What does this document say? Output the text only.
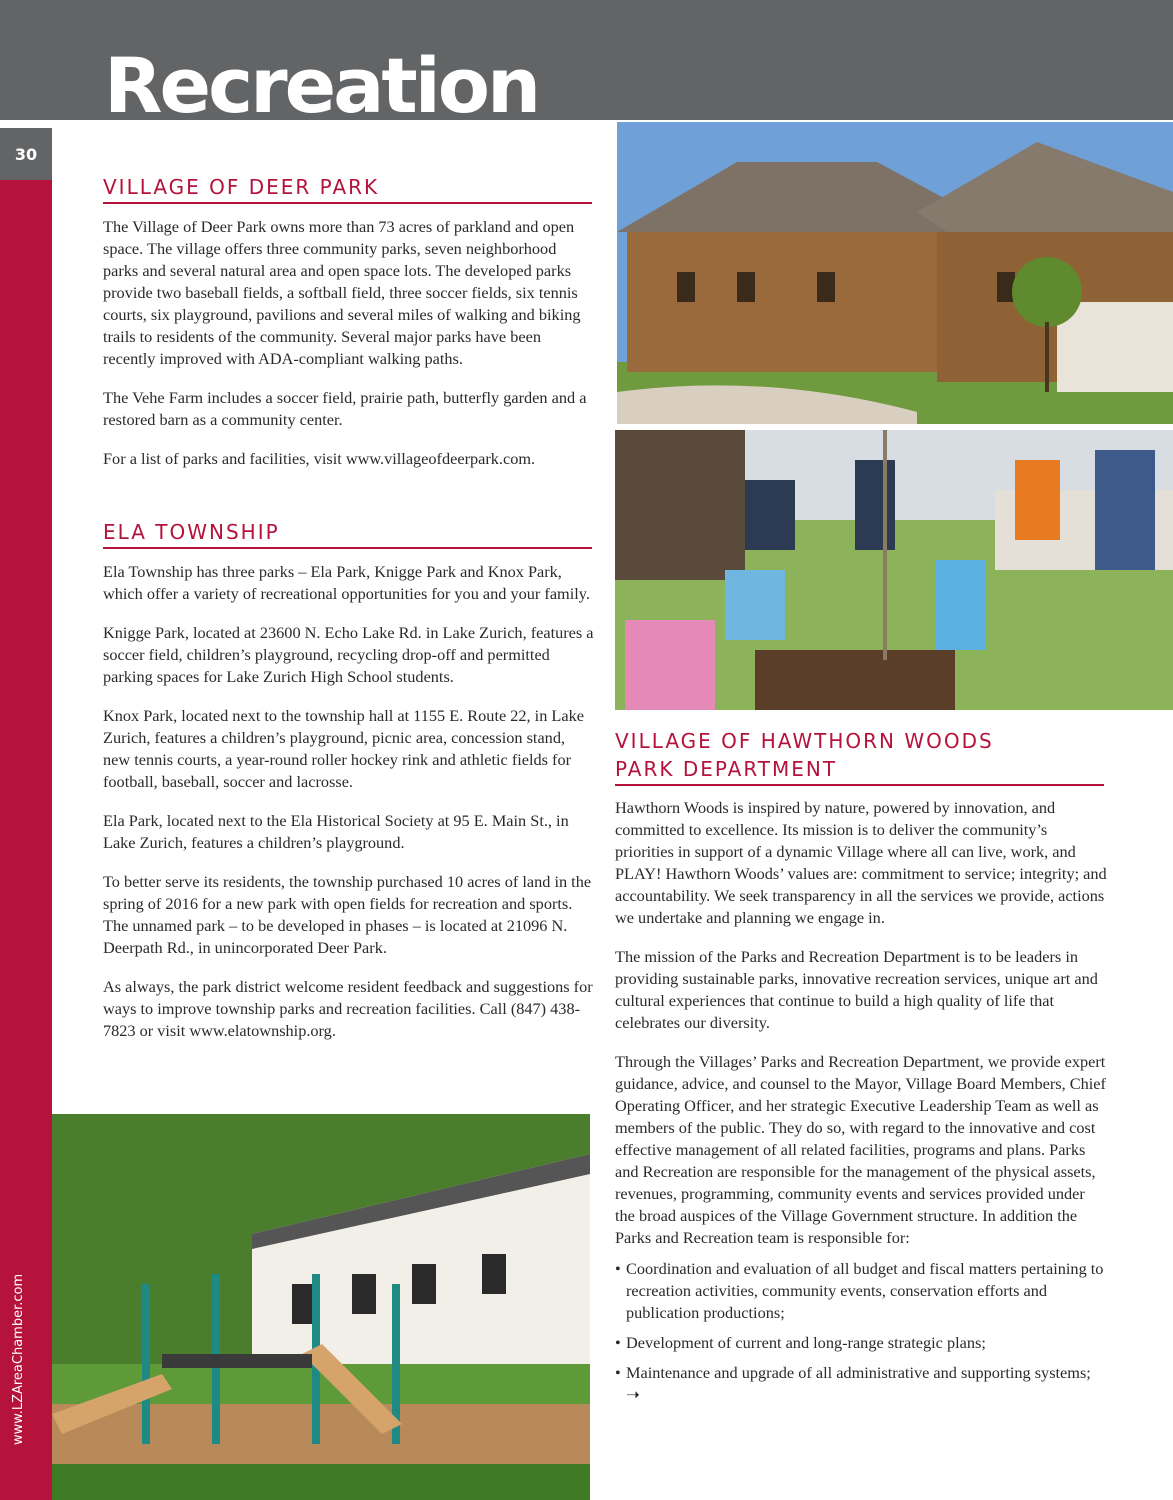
Recreation
30
www.LZAreaChamber.com
VILLAGE OF DEER PARK

The Village of Deer Park owns more than 73 acres of parkland and open space. The village offers three community parks, seven neighborhood parks and several natural area and open space lots. The developed parks provide two baseball fields, a softball field, three soccer fields, six tennis courts, six playground, pavilions and several miles of walking and biking trails to residents of the community. Several major parks have been recently improved with ADA-compliant walking paths.

The Vehe Farm includes a soccer field, prairie path, butterfly garden and a restored barn as a community center.

For a list of parks and facilities, visit www.villageofdeerpark.com.

ELA TOWNSHIP

Ela Township has three parks – Ela Park, Knigge Park and Knox Park, which offer a variety of recreational opportunities for you and your family.

Knigge Park, located at 23600 N. Echo Lake Rd. in Lake Zurich, features a soccer field, children’s playground, recycling drop-off and permitted parking spaces for Lake Zurich High School students.

Knox Park, located next to the township hall at 1155 E. Route 22, in Lake Zurich, features a children’s playground, picnic area, concession stand, new tennis courts, a year-round roller hockey rink and athletic fields for football, baseball, soccer and lacrosse.

Ela Park, located next to the Ela Historical Society at 95 E. Main St., in Lake Zurich, features a children’s playground.

To better serve its residents, the township purchased 10 acres of land in the spring of 2016 for a new park with open fields for recreation and sports. The unnamed park – to be developed in phases – is located at 21096 N. Deerpath Rd., in unincorporated Deer Park.

As always, the park district welcome resident feedback and suggestions for ways to improve township parks and recreation facilities. Call (847) 438-7823 or visit www.elatownship.org.

VILLAGE OF HAWTHORN WOODS
PARK DEPARTMENT

Hawthorn Woods is inspired by nature, powered by innovation, and committed to excellence. Its mission is to deliver the community’s priorities in support of a dynamic Village where all can live, work, and PLAY! Hawthorn Woods’ values are: commitment to service; integrity; and accountability. We seek transparency in all the services we provide, actions we undertake and planning we engage in.

The mission of the Parks and Recreation Department is to be leaders in providing sustainable parks, innovative recreation services, unique art and cultural experiences that continue to build a high quality of life that celebrates our diversity.

Through the Villages’ Parks and Recreation Department, we provide expert guidance, advice, and counsel to the Mayor, Village Board Members, Chief Operating Officer, and her strategic Executive Leadership Team as well as members of the public. They do so, with regard to the innovative and cost effective management of all related facilities, programs and plans. Parks and Recreation are responsible for the management of the physical assets, revenues, programming, community events and services provided under the broad auspices of the Village Government structure. In addition the Parks and Recreation team is responsible for:

• Coordination and evaluation of all budget and fiscal matters pertaining to recreation activities, community events, conservation efforts and publication productions;
• Development of current and long-range strategic plans;
• Maintenance and upgrade of all administrative and supporting systems; ➝
